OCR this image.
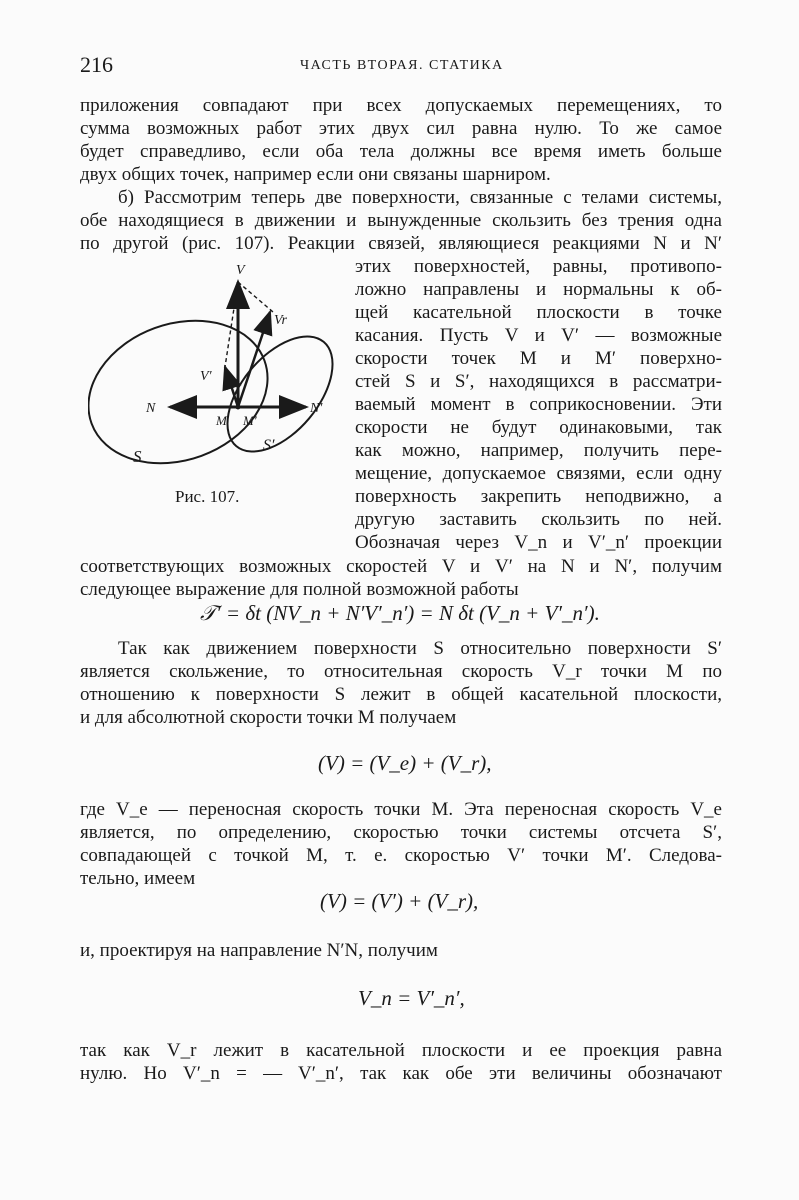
216	ЧАСТЬ ВТОРАЯ. СТАТИКА
приложения совпадают при всех допускаемых перемещениях, то
сумма возможных работ этих двух сил равна нулю. То же самое
будет справедливо, если оба тела должны все время иметь больше
двух общих точек, например если они связаны шарниром.
б) Рассмотрим теперь две поверхности, связанные с телами системы,
обе находящиеся в движении и вынужденные скользить без трения одна
по другой (рис. 107). Реакции связей, являющиеся реакциями N и N′
этих поверхностей, равны, противопо-
ложно направлены и нормальны к об-
щей касательной плоскости в точке
касания. Пусть V и V′ — возможные
скорости точек M и M′ поверхно-
стей S и S′, находящихся в рассматри-
ваемый момент в соприкосновении. Эти
скорости не будут одинаковыми, так
как можно, например, получить пере-
мещение, допускаемое связями, если одну
поверхность закрепить неподвижно, а
другую заставить скользить по ней.
Обозначая через V_n и V′_n′ проекции
V
Vr
V′
N	N′
M M′
S
S′
Рис. 107.
соответствующих возможных скоростей V и V′ на N и N′, получим
следующее выражение для полной возможной работы
𝒯′ = δt (NV_n + N′V′_n′) = N δt (V_n + V′_n′).
Так как движением поверхности S относительно поверхности S′
является скольжение, то относительная скорость V_r точки M по
отношению к поверхности S лежит в общей касательной плоскости,
и для абсолютной скорости точки M получаем
(V) = (V_e) + (V_r),
где V_e — переносная скорость точки M. Эта переносная скорость V_e
является, по определению, скоростью точки системы отсчета S′,
совпадающей с точкой M, т. е. скоростью V′ точки M′. Следова-
тельно, имеем
(V) = (V′) + (V_r),
и, проектируя на направление N′N, получим
V_n = V′_n′,
так как V_r лежит в касательной плоскости и ее проекция равна
нулю. Но V′_n = — V′_n′, так как обе эти величины обозначают
